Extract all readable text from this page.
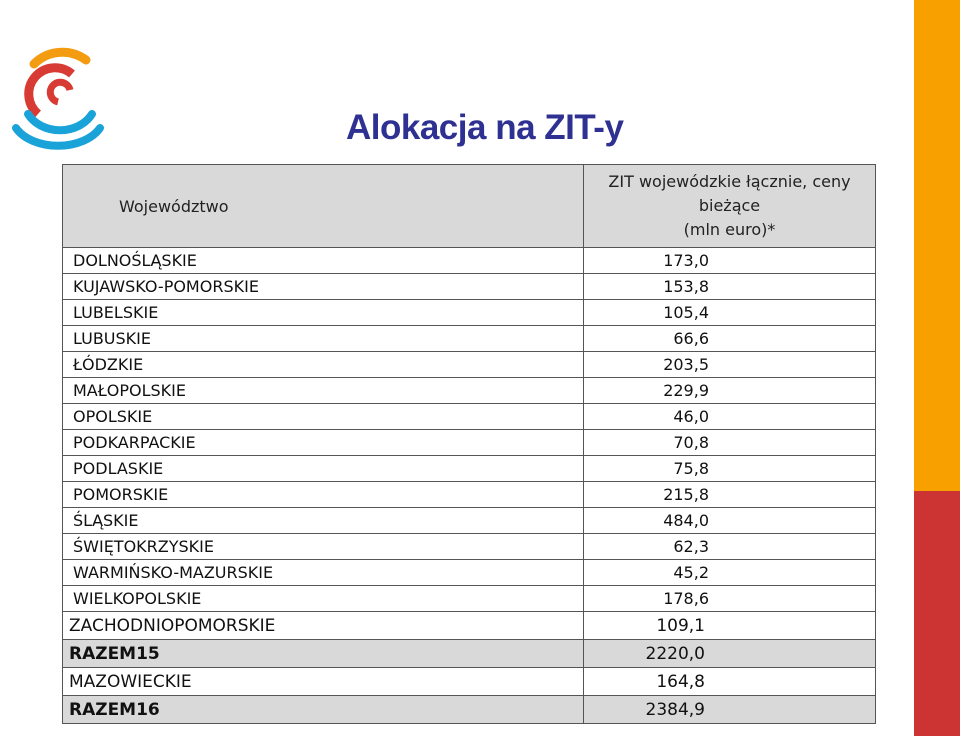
Alokacja na ZIT-y
Województwo	ZIT wojewódzkie łącznie, ceny bieżące
(mln euro)*
DOLNOŚLĄSKIE	173,0
KUJAWSKO-POMORSKIE	153,8
LUBELSKIE	105,4
LUBUSKIE	66,6
ŁÓDZKIE	203,5
MAŁOPOLSKIE	229,9
OPOLSKIE	46,0
PODKARPACKIE	70,8
PODLASKIE	75,8
POMORSKIE	215,8
ŚLĄSKIE	484,0
ŚWIĘTOKRZYSKIE	62,3
WARMIŃSKO-MAZURSKIE	45,2
WIELKOPOLSKIE	178,6
ZACHODNIOPOMORSKIE	109,1
RAZEM15	2220,0
MAZOWIECKIE	164,8
RAZEM16	2384,9
